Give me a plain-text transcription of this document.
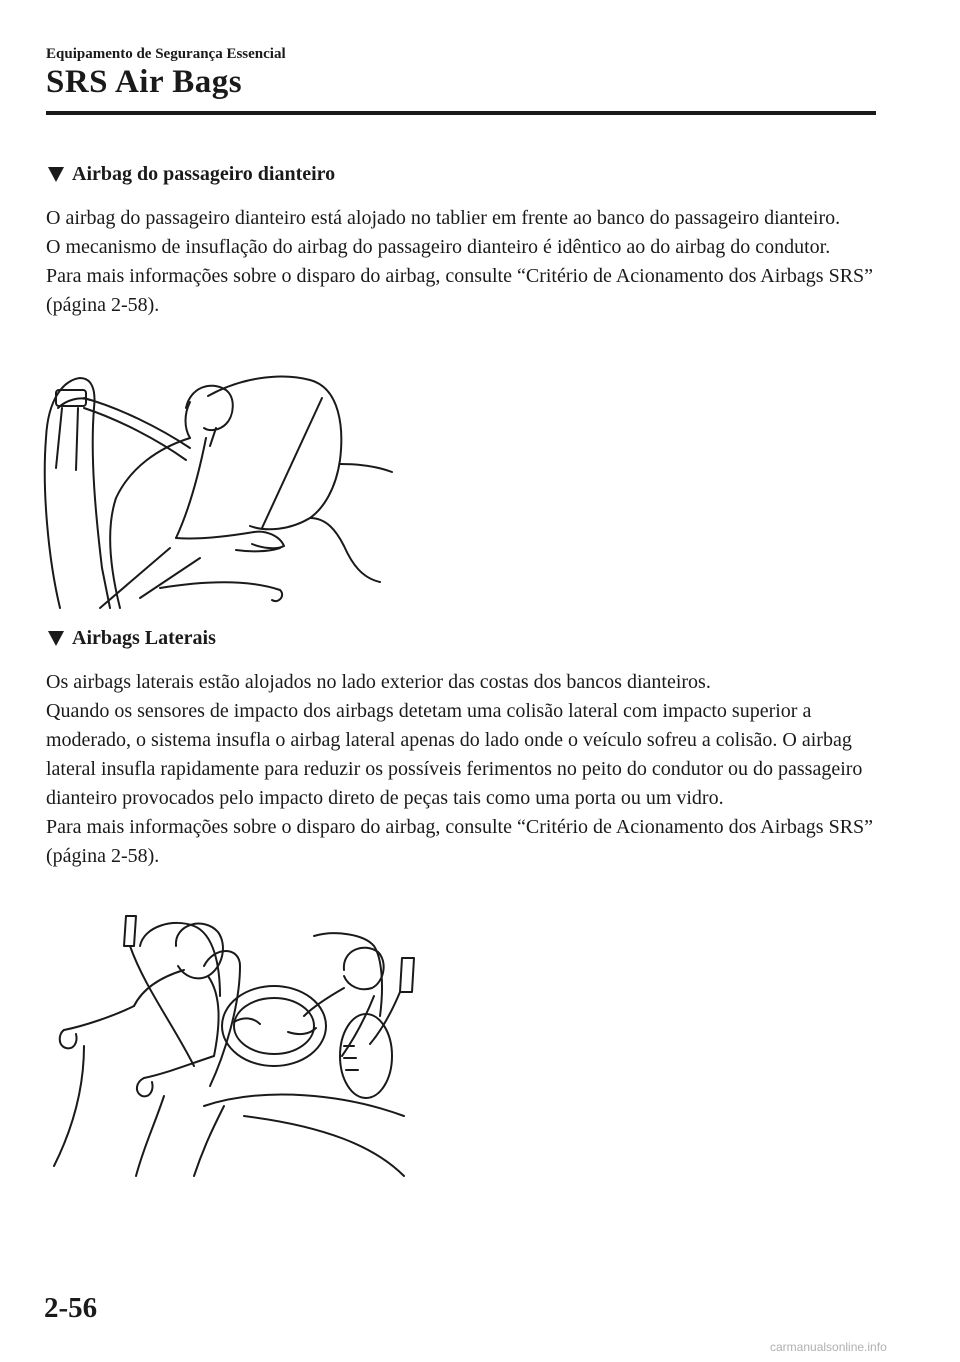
Equipamento de Segurança Essencial
SRS Air Bags
Airbag do passageiro dianteiro

O airbag do passageiro dianteiro está alojado no tablier em frente ao banco do passageiro dianteiro.

O mecanismo de insuflação do airbag do passageiro dianteiro é idêntico ao do airbag do condutor.

Para mais informações sobre o disparo do airbag, consulte “Critério de Acionamento dos Airbags SRS” (página 2-58).

Airbags Laterais

Os airbags laterais estão alojados no lado exterior das costas dos bancos dianteiros.

Quando os sensores de impacto dos airbags detetam uma colisão lateral com impacto superior a moderado, o sistema insufla o airbag lateral apenas do lado onde o veículo sofreu a colisão. O airbag lateral insufla rapidamente para reduzir os possíveis ferimentos no peito do condutor ou do passageiro dianteiro provocados pelo impacto direto de peças tais como uma porta ou um vidro.

Para mais informações sobre o disparo do airbag, consulte “Critério de Acionamento dos Airbags SRS” (página 2-58).

2-56
carmanualsonline.info
